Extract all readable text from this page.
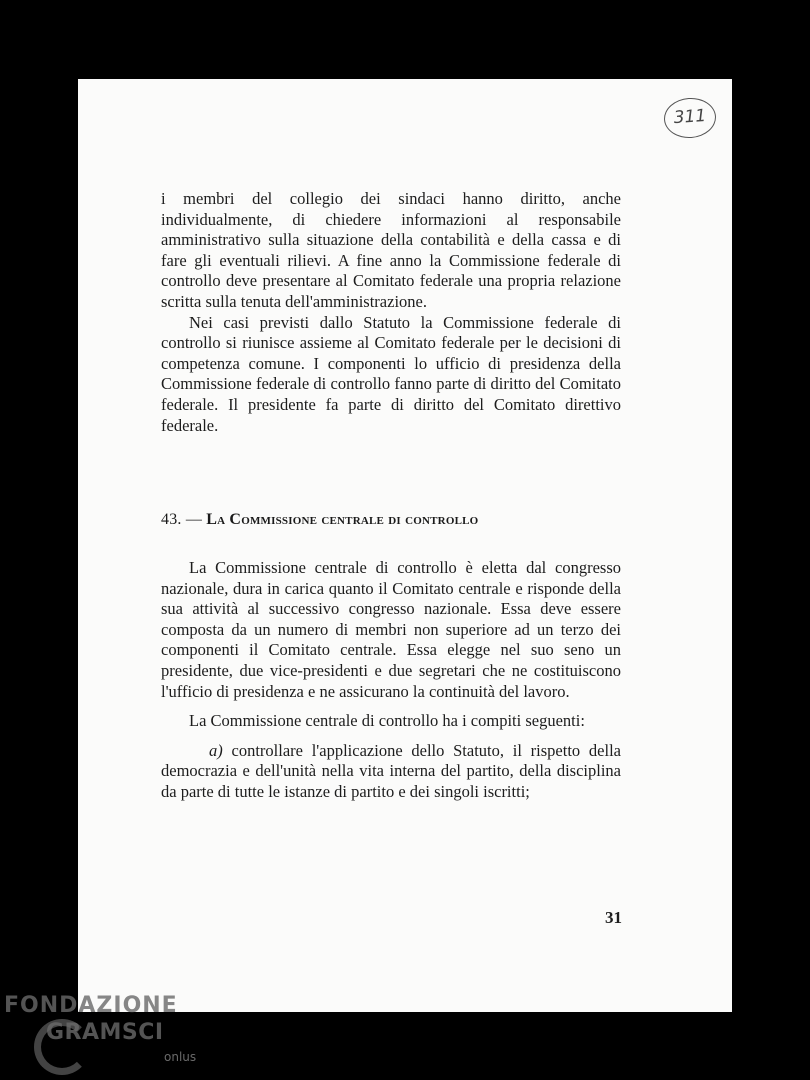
311

i membri del collegio dei sindaci hanno diritto, anche individualmente, di chiedere informazioni al responsabile amministrativo sulla situazione della contabilità e della cassa e di fare gli eventuali rilievi. A fine anno la Commissione federale di controllo deve presentare al Comitato federale una propria relazione scritta sulla tenuta dell'amministrazione.

Nei casi previsti dallo Statuto la Commissione federale di controllo si riunisce assieme al Comitato federale per le decisioni di competenza comune. I componenti lo ufficio di presidenza della Commissione federale di controllo fanno parte di diritto del Comitato federale. Il presidente fa parte di diritto del Comitato direttivo federale.

43. — La Commissione centrale di controllo

La Commissione centrale di controllo è eletta dal congresso nazionale, dura in carica quanto il Comitato centrale e risponde della sua attività al successivo congresso nazionale. Essa deve essere composta da un numero di membri non superiore ad un terzo dei componenti il Comitato centrale. Essa elegge nel suo seno un presidente, due vice-presidenti e due segretari che ne costituiscono l'ufficio di presidenza e ne assicurano la continuità del lavoro.

La Commissione centrale di controllo ha i compiti seguenti:

a) controllare l'applicazione dello Statuto, il rispetto della democrazia e dell'unità nella vita interna del partito, della disciplina da parte di tutte le istanze di partito e dei singoli iscritti;

31
FONDAZIONE
GRAMSCI
onlus
